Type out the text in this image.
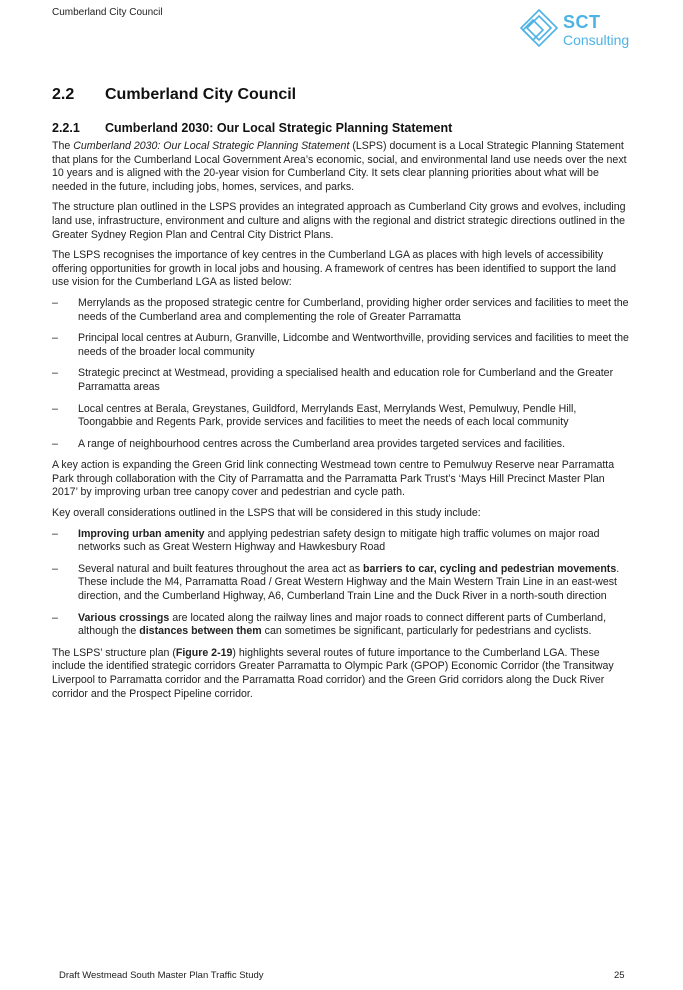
Cumberland City Council	SCT
Consulting
2.2	Cumberland City Council
2.2.1	Cumberland 2030: Our Local Strategic Planning Statement

The Cumberland 2030: Our Local Strategic Planning Statement (LSPS) document is a Local Strategic Planning Statement that plans for the Cumberland Local Government Area’s economic, social, and environmental land use needs over the next 10 years and is aligned with the 20-year vision for Cumberland City. It sets clear planning priorities about what will be needed in the future, including jobs, homes, services, and parks.

The structure plan outlined in the LSPS provides an integrated approach as Cumberland City grows and evolves, including land use, infrastructure, environment and culture and aligns with the regional and district strategic directions outlined in the Greater Sydney Region Plan and Central City District Plans.

The LSPS recognises the importance of key centres in the Cumberland LGA as places with high levels of accessibility offering opportunities for growth in local jobs and housing. A framework of centres has been identified to support the land use vision for the Cumberland LGA as listed below:

– Merrylands as the proposed strategic centre for Cumberland, providing higher order services and facilities to meet the needs of the Cumberland area and complementing the role of Greater Parramatta
– Principal local centres at Auburn, Granville, Lidcombe and Wentworthville, providing services and facilities to meet the needs of the broader local community
– Strategic precinct at Westmead, providing a specialised health and education role for Cumberland and the Greater Parramatta areas
– Local centres at Berala, Greystanes, Guildford, Merrylands East, Merrylands West, Pemulwuy, Pendle Hill, Toongabbie and Regents Park, provide services and facilities to meet the needs of each local community
– A range of neighbourhood centres across the Cumberland area provides targeted services and facilities.

A key action is expanding the Green Grid link connecting Westmead town centre to Pemulwuy Reserve near Parramatta Park through collaboration with the City of Parramatta and the Parramatta Park Trust’s ‘Mays Hill Precinct Master Plan 2017’ by improving urban tree canopy cover and pedestrian and cycle path.

Key overall considerations outlined in the LSPS that will be considered in this study include:

– Improving urban amenity and applying pedestrian safety design to mitigate high traffic volumes on major road networks such as Great Western Highway and Hawkesbury Road
– Several natural and built features throughout the area act as barriers to car, cycling and pedestrian movements. These include the M4, Parramatta Road / Great Western Highway and the Main Western Train Line in an east-west direction, and the Cumberland Highway, A6, Cumberland Train Line and the Duck River in a north-south direction
– Various crossings are located along the railway lines and major roads to connect different parts of Cumberland, although the distances between them can sometimes be significant, particularly for pedestrians and cyclists.

The LSPS’ structure plan (Figure 2-19) highlights several routes of future importance to the Cumberland LGA. These include the identified strategic corridors Greater Parramatta to Olympic Park (GPOP) Economic Corridor (the Transitway Liverpool to Parramatta corridor and the Parramatta Road corridor) and the Green Grid corridors along the Duck River corridor and the Prospect Pipeline corridor.

Draft Westmead South Master Plan Traffic Study	25
